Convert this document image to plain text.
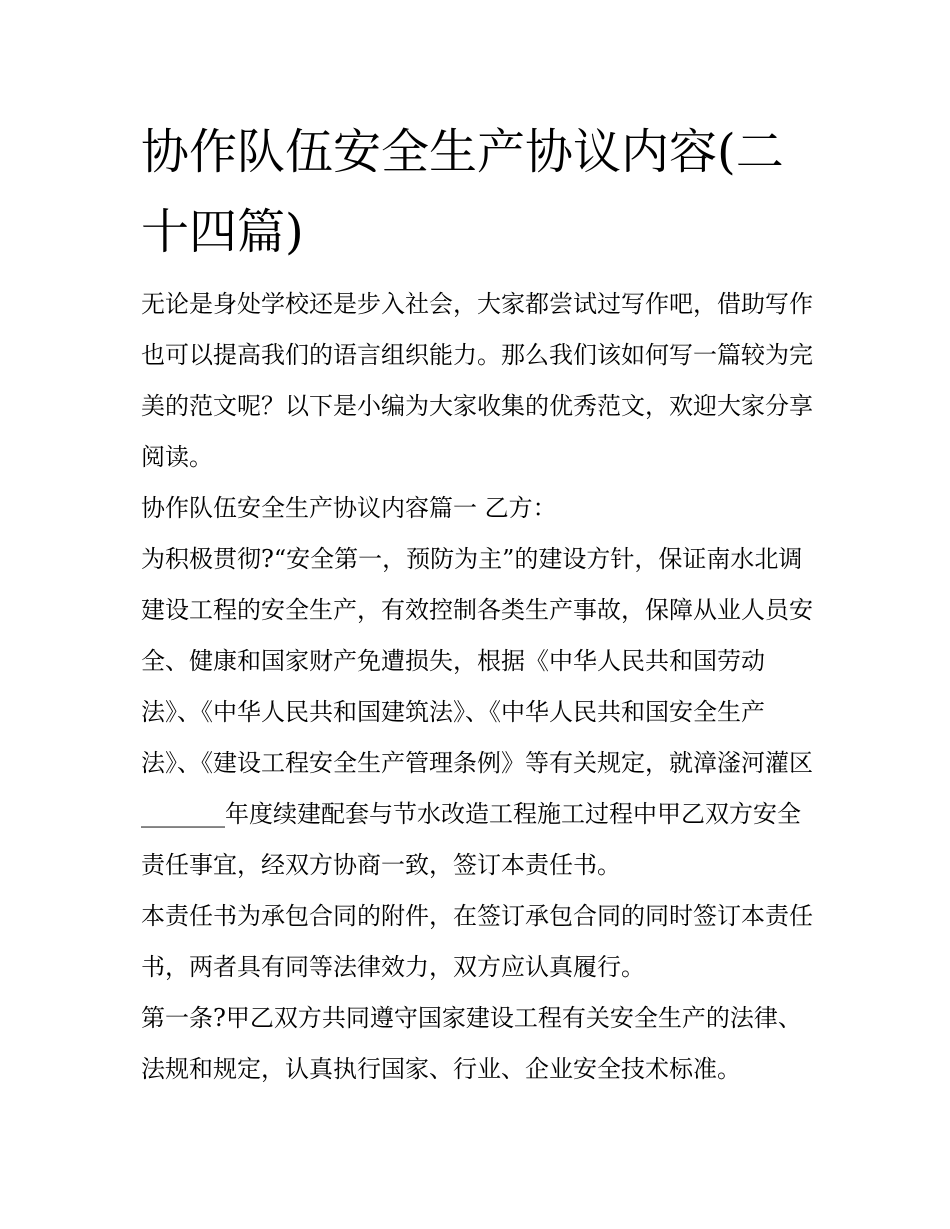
协作队伍安全生产协议内容(二十四篇)

无论是身处学校还是步入社会，大家都尝试过写作吧，借助写作也可以提高我们的语言组织能力。那么我们该如何写一篇较为完美的范文呢？以下是小编为大家收集的优秀范文，欢迎大家分享阅读。

协作队伍安全生产协议内容篇一 乙方：

为积极贯彻?“安全第一，预防为主”的建设方针，保证南水北调建设工程的安全生产，有效控制各类生产事故，保障从业人员安全、健康和国家财产免遭损失，根据《中华人民共和国劳动法》、《中华人民共和国建筑法》、《中华人民共和国安全生产法》、《建设工程安全生产管理条例》等有关规定，就漳滏河灌区_______年度续建配套与节水改造工程施工过程中甲乙双方安全责任事宜，经双方协商一致，签订本责任书。

本责任书为承包合同的附件，在签订承包合同的同时签订本责任书，两者具有同等法律效力，双方应认真履行。

第一条?甲乙双方共同遵守国家建设工程有关安全生产的法律、法规和规定，认真执行国家、行业、企业安全技术标准。
